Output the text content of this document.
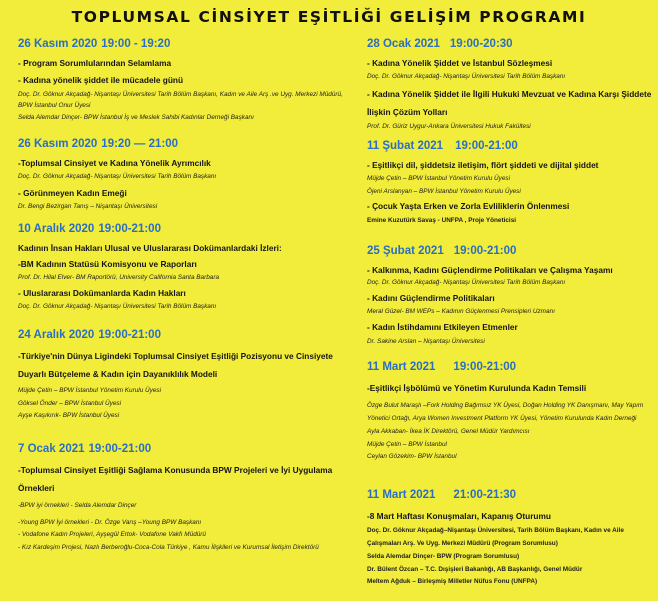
TOPLUMSAL CİNSİYET EŞİTLİĞİ GELİŞİM PROGRAMI
26 Kasım 2020 19:00 - 19:20
- Program Sorumlularından Selamlama
- Kadına yönelik şiddet ile mücadele günü
Doç. Dr. Göknur Akçadağ- Nişantaşı Üniversitesi Tarih Bölüm Başkanı, Kadın ve Aile Arş .ve Uyg. Merkezi Müdürü, BPW İstanbul Onur Üyesi
Selda Alemdar Dinçer- BPW İstanbul İş ve Meslek Sahibi Kadınlar Derneği Başkanı
26 Kasım 2020 19:20 — 21:00
-Toplumsal Cinsiyet ve Kadına Yönelik Ayrımcılık
Doç. Dr. Göknur Akçadağ- Nişantaşı Üniversitesi Tarih Bölüm Başkanı
- Görünmeyen Kadın Emeği
Dr. Bengi Bezirgan Tanış – Nişantaşı Üniversitesi
10 Aralık 2020 19:00-21:00
Kadının İnsan Hakları Ulusal ve Uluslararası Dokümanlardaki İzleri:
-BM Kadının Statüsü Komisyonu ve Raporları
Prof. Dr. Hilal Elver- BM Raportörü, University California Santa Barbara
- Uluslararası Dokümanlarda Kadın Hakları
Doç. Dr. Göknur Akçadağ- Nişantaşı Üniversitesi Tarih Bölüm Başkanı
24 Aralık 2020 19:00-21:00
-Türkiye'nin Dünya Ligindeki Toplumsal Cinsiyet Eşitliği Pozisyonu ve Cinsiyete Duyarlı Bütçeleme & Kadın için Dayanıklılık Modeli
Müjde Çetin – BPW İstanbul Yönetim Kurulu Üyesi
Göksel Önder – BPW İstanbul Üyesi
Ayşe Kaşıkırık- BPW İstanbul Üyesi
7 Ocak 2021 19:00-21:00
-Toplumsal Cinsiyet Eşitliği Sağlama Konusunda BPW Projeleri ve İyi Uygulama Örnekleri
-BPW iyi örnekleri - Selda Alemdar Dinçer
-Young BPW İyi örnekleri - Dr. Özge Varış –Young BPW Başkanı
- Vodafone Kadın Projeleri, Ayşegül Ertok- Vodafone Vakfı Müdürü
- Kız Kardeşim Projesi, Nazlı Berberoğlu-Coca-Cola Türkiye , Kamu İlişkileri ve Kurumsal İletişim Direktörü
28 Ocak 2021 19:00-20:30
- Kadına Yönelik Şiddet ve İstanbul Sözleşmesi
Doç. Dr. Göknur Akçadağ- Nişantaşı Üniversitesi Tarih Bölüm Başkanı
- Kadına Yönelik Şiddet ile İlgili Hukuki Mevzuat ve Kadına Karşı Şiddete İlişkin Çözüm Yolları
Prof. Dr. Güriz Uygur-Ankara Üniversitesi Hukuk Fakültesi
11 Şubat 2021 19:00-21:00
- Eşitlikçi dil, şiddetsiz iletişim, flört şiddeti ve dijital şiddet
Müjde Çetin – BPW İstanbul Yönetim Kurulu Üyesi
Öjeni Arslanyan – BPW İstanbul Yönetim Kurulu Üyesi
- Çocuk Yaşta Erken ve Zorla Evliliklerin Önlenmesi
Emine Kuzutürk Savaş - UNFPA , Proje Yöneticisi
25 Şubat 2021 19:00-21:00
- Kalkınma, Kadını Güçlendirme Politikaları ve Çalışma Yaşamı
Doç. Dr. Göknur Akçadağ- Nişantaşı Üniversitesi Tarih Bölüm Başkanı
- Kadını Güçlendirme Politikaları
Meral Güzel- BM WEPs – Kadının Güçlenmesi Prensipleri Uzmanı
- Kadın İstihdamını Etkileyen Etmenler
Dr. Sakine Arslan – Nişantaşı Üniversitesi
11 Mart 2021 19:00-21:00
-Eşitlikçi İşbölümü ve Yönetim Kurulunda Kadın Temsili
Özge Bulut Maraşlı –Fork Holding Bağımsız YK Üyesi, Doğan Holding YK Danışmanı, May Yapım Yönetici Ortağı, Arya Women Investment Platform YK Üyesi, Yönetim Kurulunda Kadın Derneği
Ayla Akkaban- İkea İK Direktörü, Genel Müdür Yardımcısı
Müjde Çetin – BPW İstanbul
Ceylan Gözekim- BPW İstanbul
11 Mart 2021 21:00-21:30
-8 Mart Haftası Konuşmaları, Kapanış Oturumu
Doç. Dr. Göknur Akçadağ–Nişantaşı Üniversitesi, Tarih Bölüm Başkanı, Kadın ve Aile Çalışmaları Arş. Ve Uyg. Merkezi Müdürü (Program Sorumlusu)
Selda Alemdar Dinçer- BPW (Program Sorumlusu)
Dr. Bülent Özcan – T.C. Dışişleri Bakanlığı, AB Başkanlığı, Genel Müdür
Meltem Ağduk – Birleşmiş Milletler Nüfus Fonu (UNFPA)
